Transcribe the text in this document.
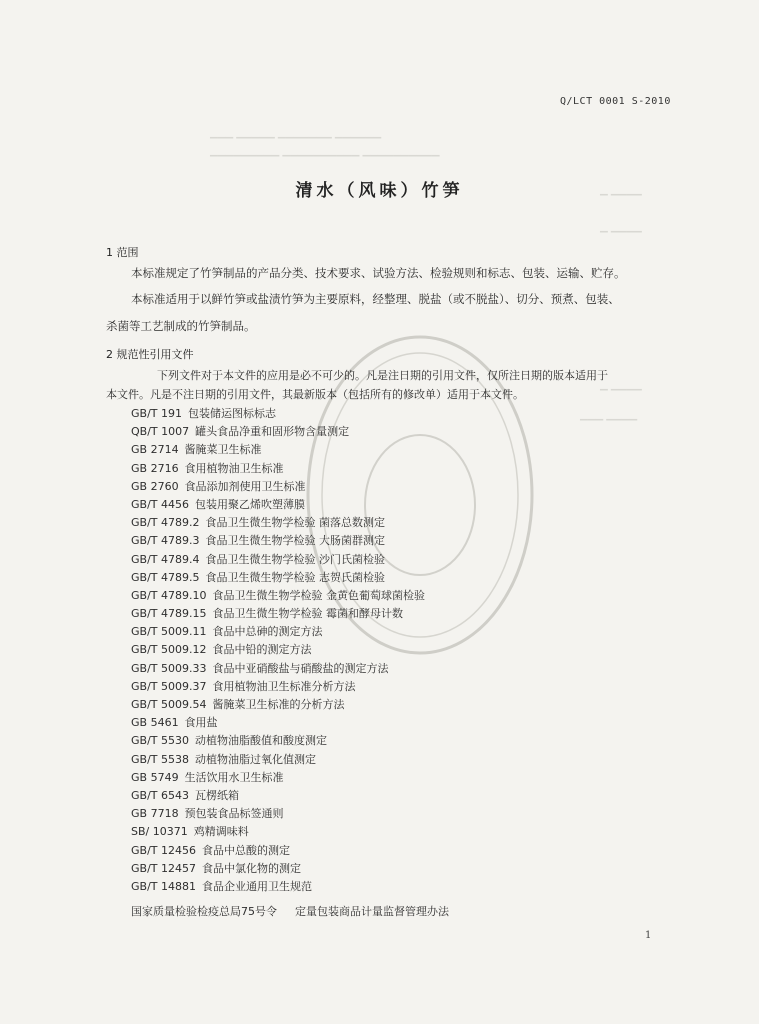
▁▁▁ ▁▁▁▁▁ ▁▁▁▁▁▁▁ ▁▁▁▁▁▁
▁▁▁▁▁▁▁▁▁ ▁▁▁▁▁▁▁▁▁▁ ▁▁▁▁▁▁▁▁▁▁
▁ ▁▁▁▁
▁ ▁▁▁▁
▁ ▁▁▁▁
▁▁▁ ▁▁▁▁
Q/LCT 0001 S-2010
清水（风味）竹笋
1 范围
本标准规定了竹笋制品的产品分类、技术要求、试验方法、检验规则和标志、包装、运输、贮存。
本标准适用于以鲜竹笋或盐渍竹笋为主要原料，经整理、脱盐（或不脱盐）、切分、预煮、包装、
杀菌等工艺制成的竹笋制品。
2 规范性引用文件
下列文件对于本文件的应用是必不可少的。凡是注日期的引用文件，仅所注日期的版本适用于
本文件。凡是不注日期的引用文件，其最新版本（包括所有的修改单）适用于本文件。
GB/T 191 包装储运图标标志
QB/T 1007 罐头食品净重和固形物含量测定
GB 2714 酱腌菜卫生标准
GB 2716 食用植物油卫生标准
GB 2760 食品添加剂使用卫生标准
GB/T 4456 包装用聚乙烯吹塑薄膜
GB/T 4789.2 食品卫生微生物学检验 菌落总数测定
GB/T 4789.3 食品卫生微生物学检验 大肠菌群测定
GB/T 4789.4 食品卫生微生物学检验 沙门氏菌检验
GB/T 4789.5 食品卫生微生物学检验 志贺氏菌检验
GB/T 4789.10 食品卫生微生物学检验 金黄色葡萄球菌检验
GB/T 4789.15 食品卫生微生物学检验 霉菌和酵母计数
GB/T 5009.11 食品中总砷的测定方法
GB/T 5009.12 食品中铅的测定方法
GB/T 5009.33 食品中亚硝酸盐与硝酸盐的测定方法
GB/T 5009.37 食用植物油卫生标准分析方法
GB/T 5009.54 酱腌菜卫生标准的分析方法
GB 5461 食用盐
GB/T 5530 动植物油脂酸值和酸度测定
GB/T 5538 动植物油脂过氧化值测定
GB 5749 生活饮用水卫生标准
GB/T 6543 瓦楞纸箱
GB 7718 预包装食品标签通则
SB/ 10371 鸡精调味料
GB/T 12456 食品中总酸的测定
GB/T 12457 食品中氯化物的测定
GB/T 14881 食品企业通用卫生规范
国家质量检验检疫总局75号令 定量包装商品计量监督管理办法
1
